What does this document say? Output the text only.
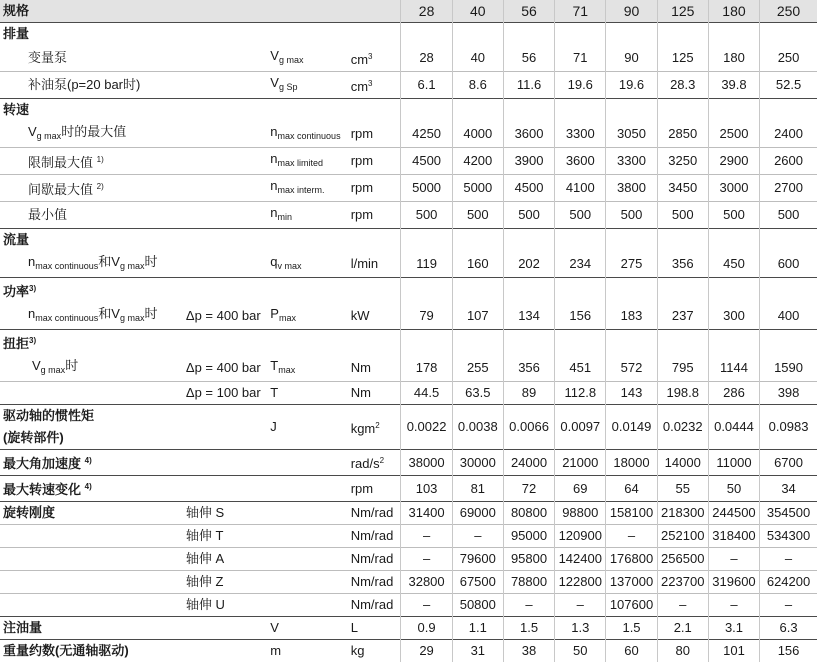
规格				28	40	56	71	90	125	180	250
排量											
变量泵		$V_{g max}$	$cm^3$	28	40	56	71	90	125	180	250
补油泵(p=20 bar时)		$V_{g Sp}$	$cm^3$	6.1	8.6	11.6	19.6	19.6	28.3	39.8	52.5
转速											
$V_{g max}$时的最大值		$n_{max continuous}$	rpm	4250	4000	3600	3300	3050	2850	2500	2400
限制最大值 $^{1)}$		$n_{max limited}$	rpm	4500	4200	3900	3600	3300	3250	2900	2600
间歇最大值 $^{2)}$		$n_{max interm.}$	rpm	5000	5000	4500	4100	3800	3450	3000	2700
最小值		$n_{min}$	rpm	500	500	500	500	500	500	500	500
流量											
$n_{max continuous}$和$V_{g max}$时		$q_{v max}$	l/min	119	160	202	234	275	356	450	600
功率$^{3)}$								
$n_{max continuous}$和$V_{g max}$时	Δp = 400 bar	$P_{max}$	kW	79	107	134	156	183	237	300	400
扭拒$^{3)}$								
$V_{g max}$时	Δp = 400 bar	$T_{max}$	Nm	178	255	356	451	572	795	1144	1590
	Δp = 100 bar	T	Nm	44.5	63.5	89	112.8	143	198.8	286	398
驱动轴的惯性矩
(旋转部件)		J	kgm$^2$	0.0022	0.0038	0.0066	0.0097	0.0149	0.0232	0.0444	0.0983
最大角加速度 $^{4)}$			rad/$s^2$	38000	30000	24000	21000	18000	14000	11000	6700
最大转速变化 $^{4)}$			rpm	103	81	72	69	64	55	50	34
旋转刚度	轴伸 S		Nm/rad	31400	69000	80800	98800	158100	218300	244500	354500
	轴伸 T		Nm/rad	–	–	95000	120900	–	252100	318400	534300
	轴伸 A		Nm/rad	–	79600	95800	142400	176800	256500	–	–
	轴伸 Z		Nm/rad	32800	67500	78800	122800	137000	223700	319600	624200
	轴伸 U		Nm/rad	–	50800	–	–	107600	–	–	–
注油量		V	L	0.9	1.1	1.5	1.3	1.5	2.1	3.1	6.3
重量约数(无通轴驱动)		m	kg	29	31	38	50	60	80	101	156
